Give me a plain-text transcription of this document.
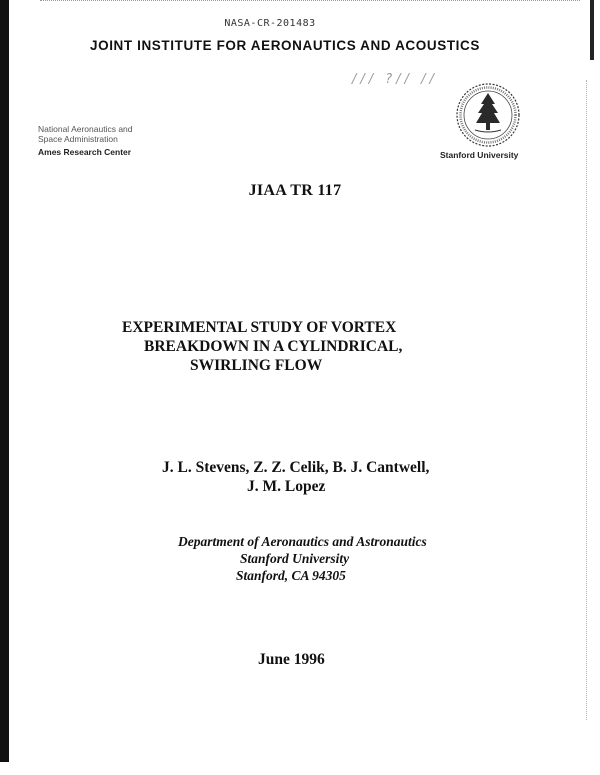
NASA-CR-201483
JOINT INSTITUTE FOR AERONAUTICS AND ACOUSTICS
/// ?// //
National Aeronautics and
Space Administration
Ames Research Center	Stanford University
JIAA TR 117
EXPERIMENTAL STUDY OF VORTEX
BREAKDOWN IN A CYLINDRICAL,
SWIRLING FLOW
J. L. Stevens, Z. Z. Celik, B. J. Cantwell,
J. M. Lopez
Department of Aeronautics and Astronautics
Stanford University
Stanford, CA 94305
June 1996
